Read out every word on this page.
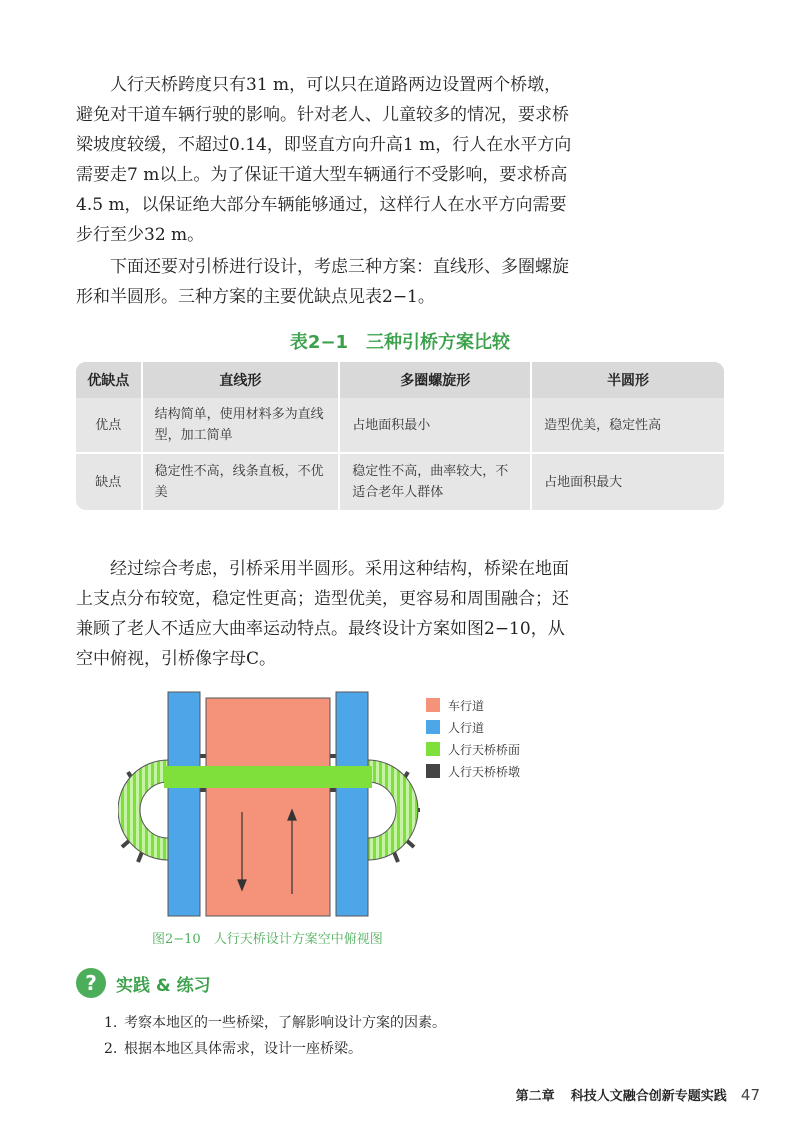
人行天桥跨度只有31 m，可以只在道路两边设置两个桥墩，避免对干道车辆行驶的影响。针对老人、儿童较多的情况，要求桥梁坡度较缓，不超过0.14，即竖直方向升高1 m，行人在水平方向需要走7 m以上。为了保证干道大型车辆通行不受影响，要求桥高4.5 m，以保证绝大部分车辆能够通过，这样行人在水平方向需要步行至少32 m。

下面还要对引桥进行设计，考虑三种方案：直线形、多圈螺旋形和半圆形。三种方案的主要优缺点见表2−1。

表2−1　三种引桥方案比较
优缺点	直线形	多圈螺旋形	半圆形
优点	结构简单，使用材料多为直线型，加工简单	占地面积最小	造型优美，稳定性高
缺点	稳定性不高，线条直板，不优美	稳定性不高，曲率较大，不适合老年人群体	占地面积最大

经过综合考虑，引桥采用半圆形。采用这种结构，桥梁在地面上支点分布较宽，稳定性更高；造型优美，更容易和周围融合；还兼顾了老人不适应大曲率运动特点。最终设计方案如图2−10，从空中俯视，引桥像字母C。

车行道
人行道
人行天桥桥面
人行天桥桥墩

图2−10　人行天桥设计方案空中俯视图

?	实践 & 练习
1. 考察本地区的一些桥梁，了解影响设计方案的因素。
2. 根据本地区具体需求，设计一座桥梁。
第二章 科技人文融合创新专题实践 47
